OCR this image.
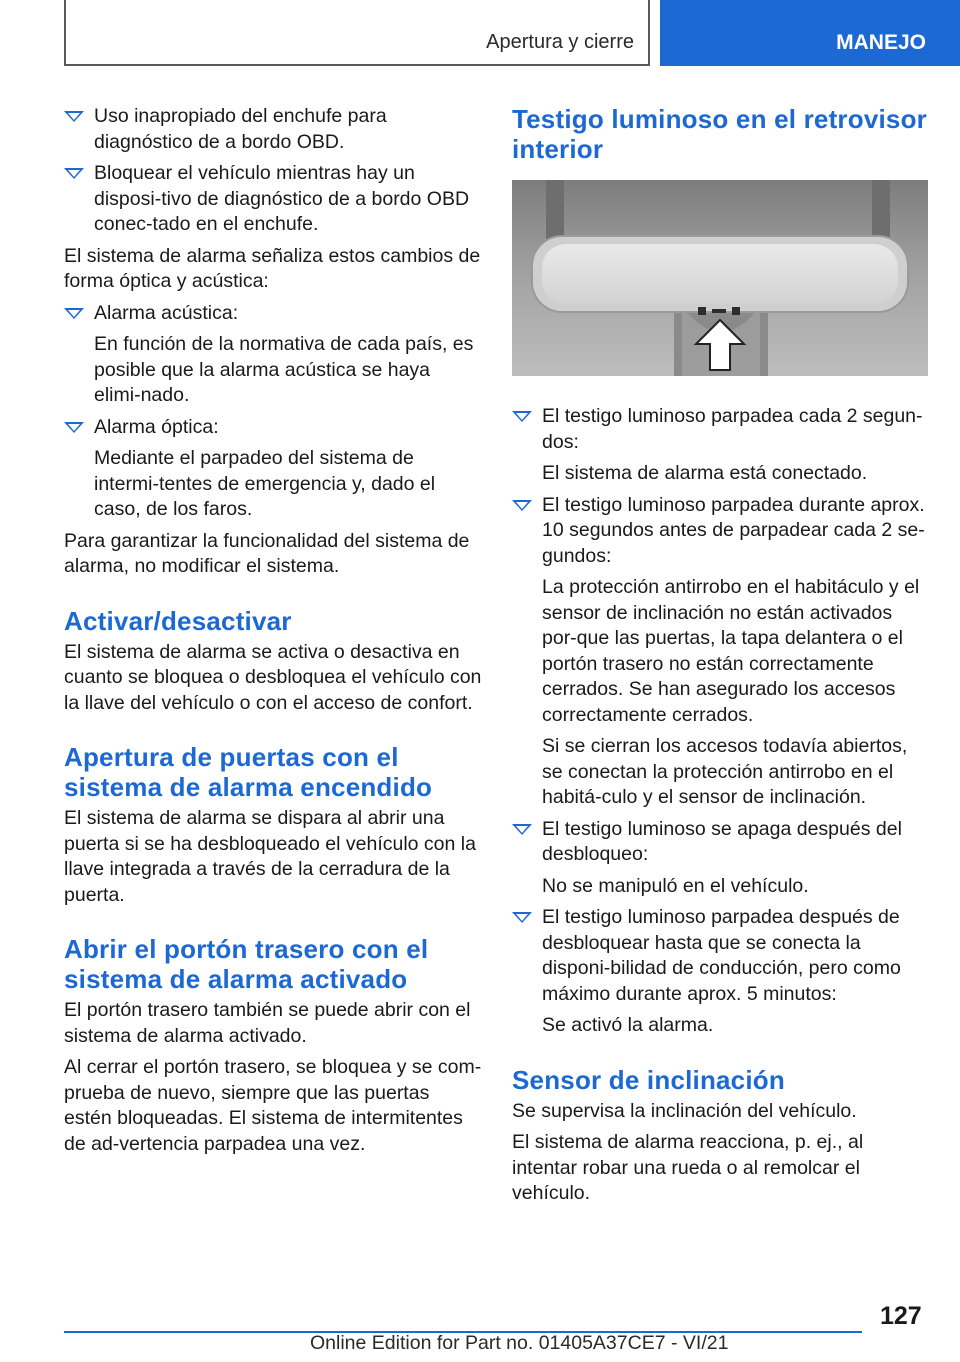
Apertura y cierre	MANEJO
Uso inapropiado del enchufe para diagnóstico de a bordo OBD.
Bloquear el vehículo mientras hay un disposi-tivo de diagnóstico de a bordo OBD conec-tado en el enchufe.

El sistema de alarma señaliza estos cambios de forma óptica y acústica:

Alarma acústica:

En función de la normativa de cada país, es posible que la alarma acústica se haya elimi-nado.

Alarma óptica:

Mediante el parpadeo del sistema de intermi-tentes de emergencia y, dado el caso, de los faros.

Para garantizar la funcionalidad del sistema de alarma, no modificar el sistema.

Activar/desactivar

El sistema de alarma se activa o desactiva en cuanto se bloquea o desbloquea el vehículo con la llave del vehículo o con el acceso de confort.

Apertura de puertas con el sistema de alarma encendido

El sistema de alarma se dispara al abrir una puerta si se ha desbloqueado el vehículo con la llave integrada a través de la cerradura de la puerta.

Abrir el portón trasero con el sistema de alarma activado

El portón trasero también se puede abrir con el sistema de alarma activado.

Al cerrar el portón trasero, se bloquea y se com-prueba de nuevo, siempre que las puertas estén bloqueadas. El sistema de intermitentes de ad-vertencia parpadea una vez.

Testigo luminoso en el retrovisor interior
El testigo luminoso parpadea cada 2 segun-dos:

El sistema de alarma está conectado.

El testigo luminoso parpadea durante aprox. 10 segundos antes de parpadear cada 2 se-gundos:

La protección antirrobo en el habitáculo y el sensor de inclinación no están activados por-que las puertas, la tapa delantera o el portón trasero no están correctamente cerrados. Se han asegurado los accesos correctamente cerrados.

Si se cierran los accesos todavía abiertos, se conectan la protección antirrobo en el habitá-culo y el sensor de inclinación.

El testigo luminoso se apaga después del desbloqueo:

No se manipuló en el vehículo.

El testigo luminoso parpadea después de desbloquear hasta que se conecta la disponi-bilidad de conducción, pero como máximo durante aprox. 5 minutos:

Se activó la alarma.

Sensor de inclinación

Se supervisa la inclinación del vehículo.

El sistema de alarma reacciona, p. ej., al intentar robar una rueda o al remolcar el vehículo.

127
Online Edition for Part no. 01405A37CE7 - VI/21
